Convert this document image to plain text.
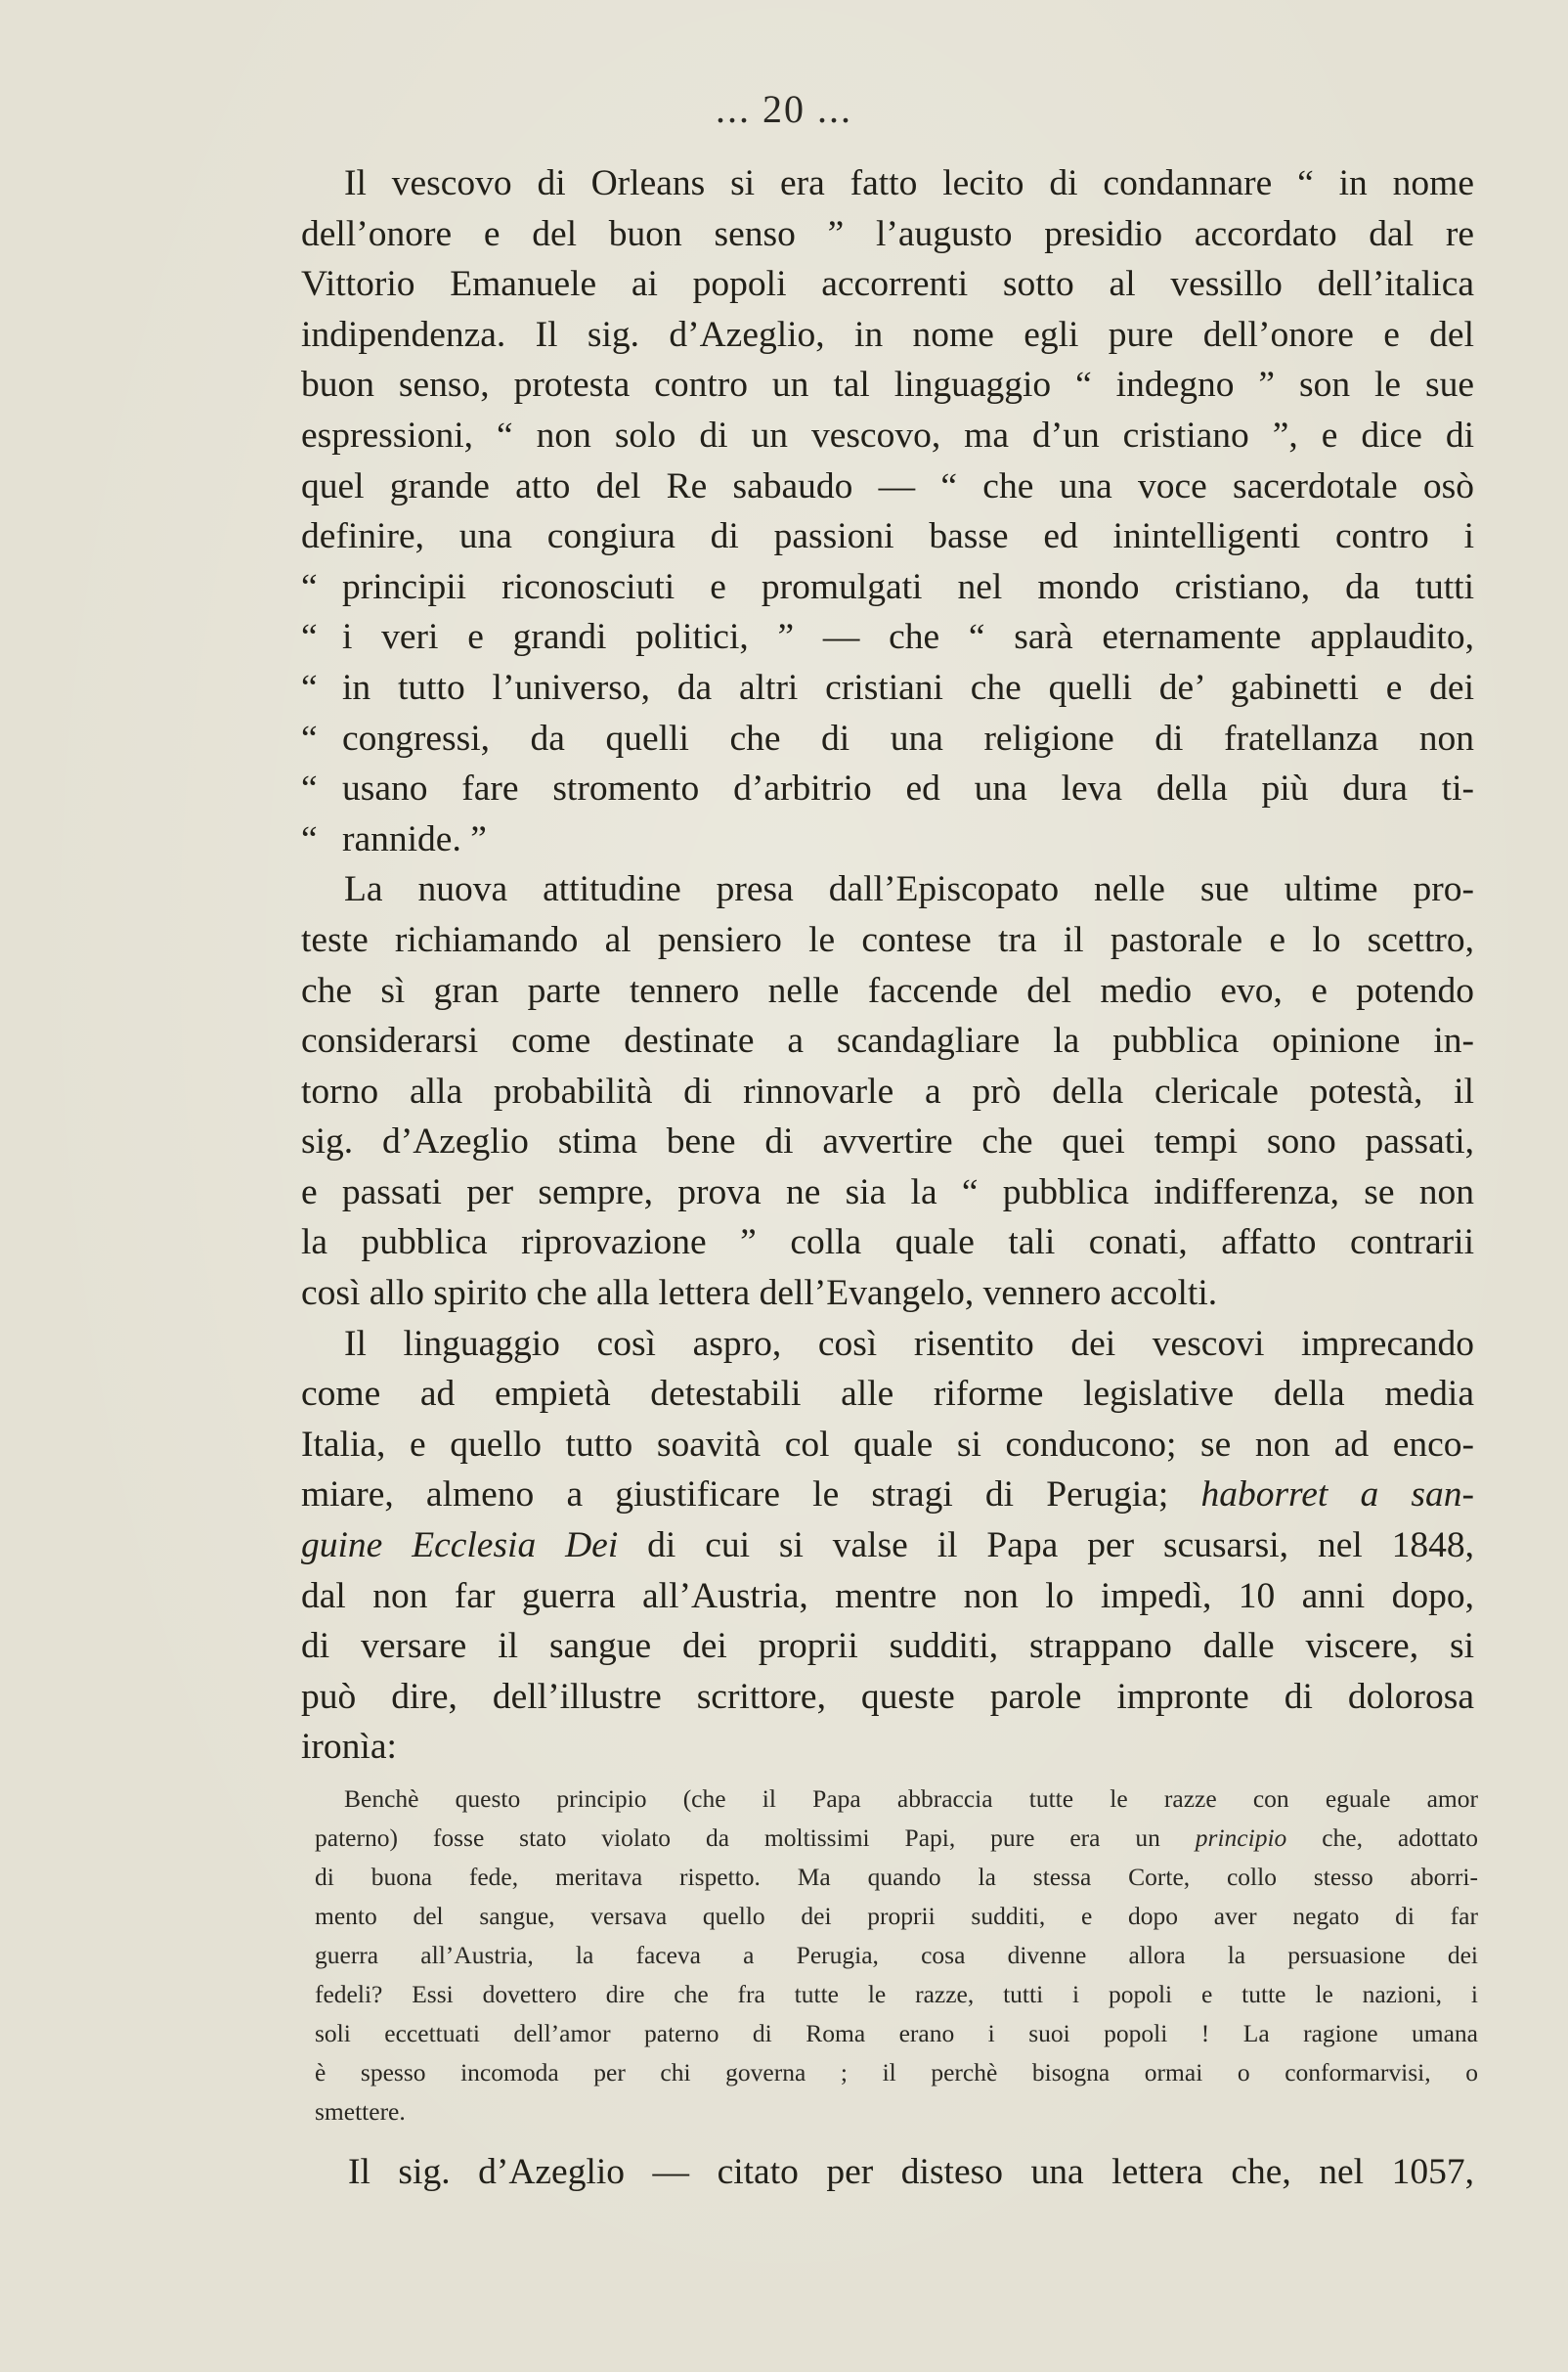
... 20 ...

Il vescovo di Orleans si era fatto lecito di condannare “ in nome
dell’onore e del buon senso ” l’augusto presidio accordato dal re
Vittorio Emanuele ai popoli accorrenti sotto al vessillo dell’italica
indipendenza. Il sig. d’Azeglio, in nome egli pure dell’onore e del
buon senso, protesta contro un tal linguaggio “ indegno ” son le sue
espressioni, “ non solo di un vescovo, ma d’un cristiano ”, e dice di
quel grande atto del Re sabaudo — “ che una voce sacerdotale osò
definire, una congiura di passioni basse ed inintelligenti contro i
“ principii riconosciuti e promulgati nel mondo cristiano, da tutti
“ i veri e grandi politici, ” — che “ sarà eternamente applaudito,
“ in tutto l’universo, da altri cristiani che quelli de’ gabinetti e dei
“ congressi, da quelli che di una religione di fratellanza non
“ usano fare stromento d’arbitrio ed una leva della più dura ti-
“ rannide. ”

La nuova attitudine presa dall’Episcopato nelle sue ultime pro-
teste richiamando al pensiero le contese tra il pastorale e lo scettro,
che sì gran parte tennero nelle faccende del medio evo, e potendo
considerarsi come destinate a scandagliare la pubblica opinione in-
torno alla probabilità di rinnovarle a prò della clericale potestà, il
sig. d’Azeglio stima bene di avvertire che quei tempi sono passati,
e passati per sempre, prova ne sia la “ pubblica indifferenza, se non
la pubblica riprovazione ” colla quale tali conati, affatto contrarii
così allo spirito che alla lettera dell’Evangelo, vennero accolti.

Il linguaggio così aspro, così risentito dei vescovi imprecando
come ad empietà detestabili alle riforme legislative della media
Italia, e quello tutto soavità col quale si conducono; se non ad enco-
miare, almeno a giustificare le stragi di Perugia; haborret a san-
guine Ecclesia Dei di cui si valse il Papa per scusarsi, nel 1848,
dal non far guerra all’Austria, mentre non lo impedì, 10 anni dopo,
di versare il sangue dei proprii sudditi, strappano dalle viscere, si
può dire, dell’illustre scrittore, queste parole impronte di dolorosa
ironìa:

Benchè questo principio (che il Papa abbraccia tutte le razze con eguale amor
paterno) fosse stato violato da moltissimi Papi, pure era un principio che, adottato
di buona fede, meritava rispetto. Ma quando la stessa Corte, collo stesso aborri-
mento del sangue, versava quello dei proprii sudditi, e dopo aver negato di far
guerra all’Austria, la faceva a Perugia, cosa divenne allora la persuasione dei
fedeli? Essi dovettero dire che fra tutte le razze, tutti i popoli e tutte le nazioni, i
soli eccettuati dell’amor paterno di Roma erano i suoi popoli ! La ragione umana
è spesso incomoda per chi governa ; il perchè bisogna ormai o conformarvisi, o
smettere.
Il sig. d’Azeglio — citato per disteso una lettera che, nel 1057,
